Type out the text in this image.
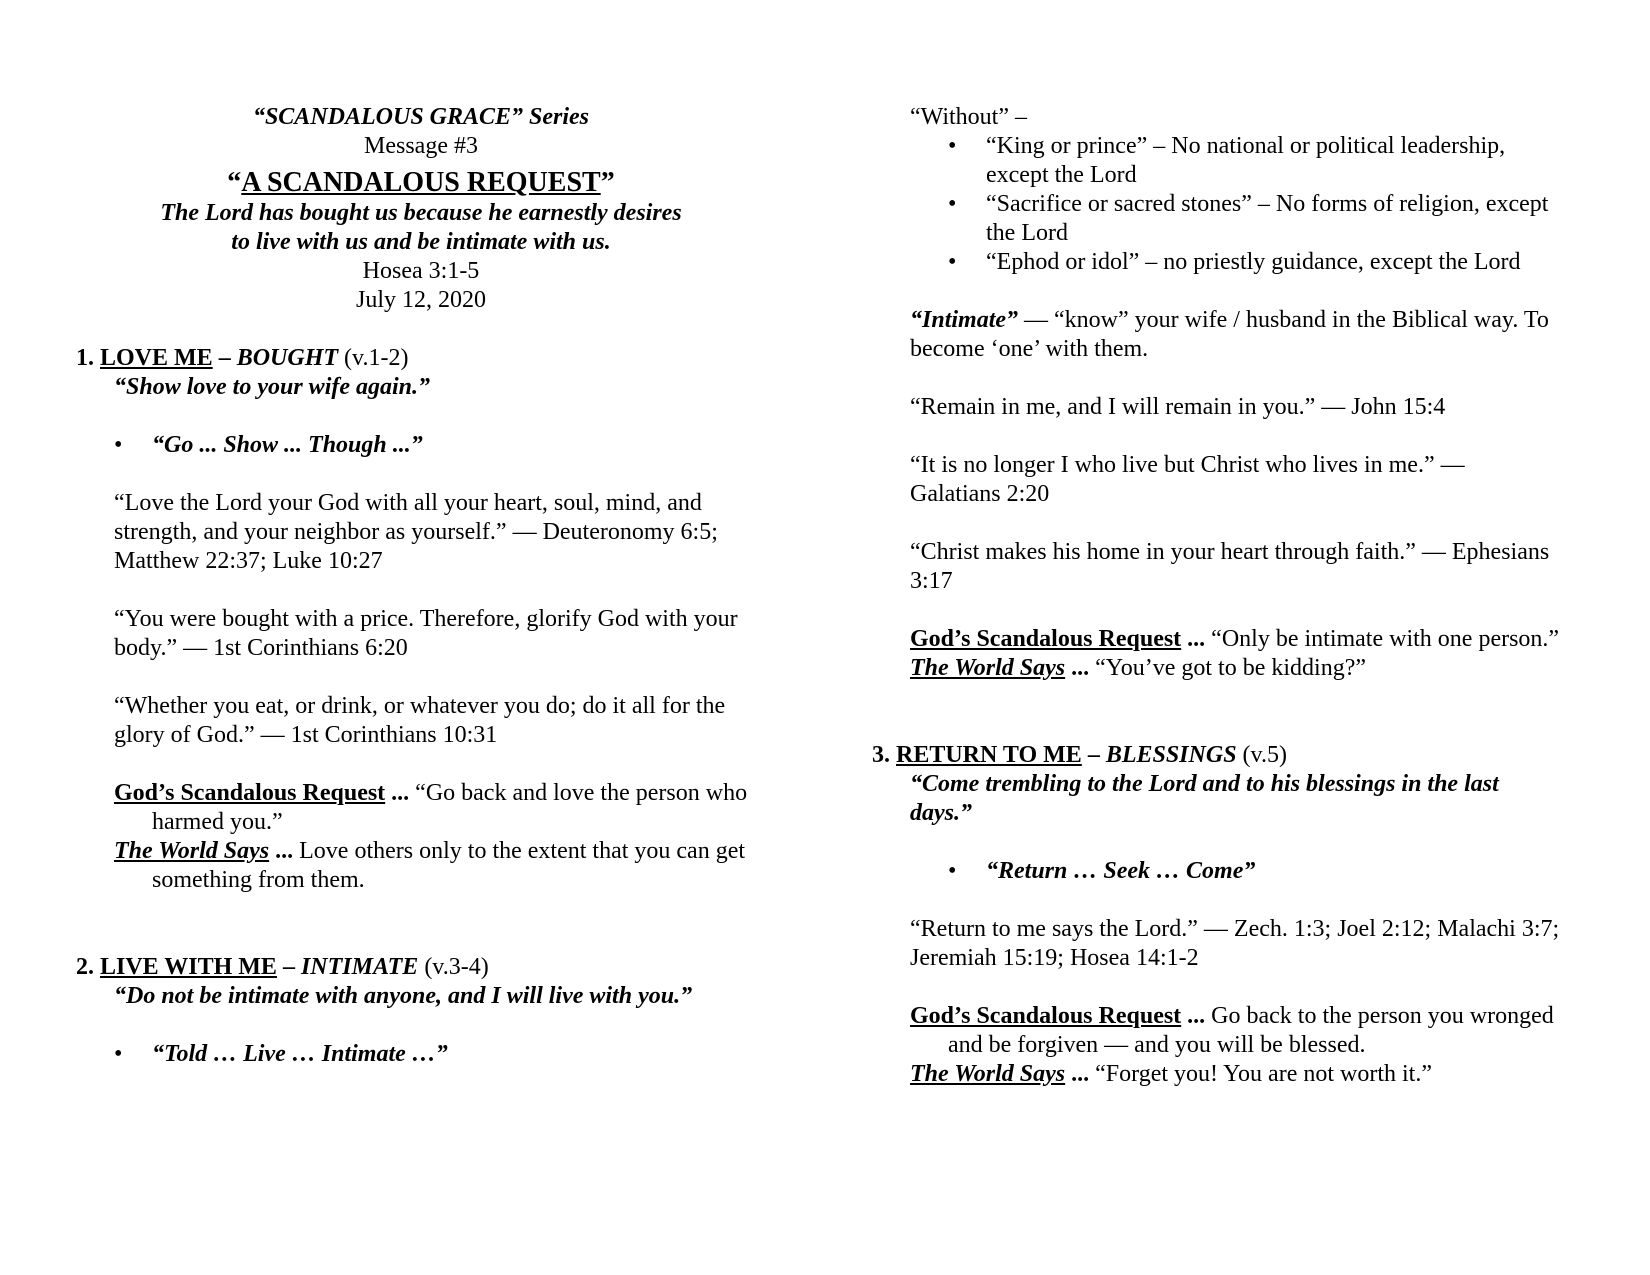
“SCANDALOUS GRACE” Series

Message #3

“A SCANDALOUS REQUEST”

The Lord has bought us because he earnestly desires

to live with us and be intimate with us.

Hosea 3:1-5

July 12, 2020

1. LOVE ME – BOUGHT (v.1-2)

“Show love to your wife again.”

• “Go ... Show ... Though ...”

“Love the Lord your God with all your heart, soul, mind, and strength, and your neighbor as yourself.” — Deuteronomy 6:5; Matthew 22:37; Luke 10:27

“You were bought with a price. Therefore, glorify God with your body.” — 1st Corinthians 6:20

“Whether you eat, or drink, or whatever you do; do it all for the glory of God.” — 1st Corinthians 10:31

God’s Scandalous Request ... “Go back and love the person who harmed you.”

The World Says ... Love others only to the extent that you can get something from them.

2. LIVE WITH ME – INTIMATE (v.3-4)

“Do not be intimate with anyone, and I will live with you.”

• “Told … Live … Intimate …”

“Without” –

• “King or prince” – No national or political leadership, except the Lord
• “Sacrifice or sacred stones” – No forms of religion, except the Lord
• “Ephod or idol” – no priestly guidance, except the Lord

“Intimate” — “know” your wife / husband in the Biblical way. To become ‘one’ with them.

“Remain in me, and I will remain in you.” — John 15:4

“It is no longer I who live but Christ who lives in me.” — Galatians 2:20

“Christ makes his home in your heart through faith.” — Ephesians 3:17

God’s Scandalous Request ... “Only be intimate with one person.”

The World Says ... “You’ve got to be kidding?”

3. RETURN TO ME – BLESSINGS (v.5)

“Come trembling to the Lord and to his blessings in the last days.”

• “Return … Seek … Come”

“Return to me says the Lord.” — Zech. 1:3; Joel 2:12; Malachi 3:7; Jeremiah 15:19; Hosea 14:1-2

God’s Scandalous Request ... Go back to the person you wronged and be forgiven — and you will be blessed.

The World Says ... “Forget you! You are not worth it.”
